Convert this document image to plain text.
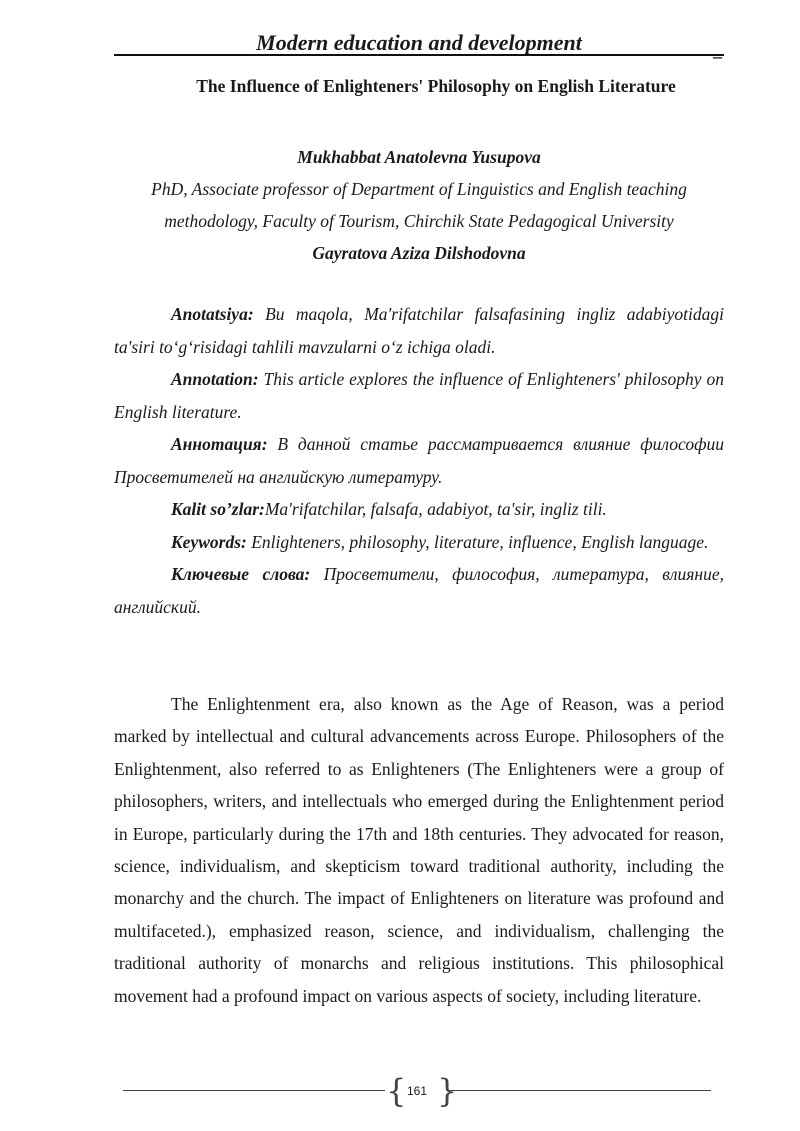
Modern education and development	_
The Influence of Enlighteners' Philosophy on English Literature

Mukhabbat Anatolevna Yusupova

PhD, Associate professor of Department of Linguistics and English teaching methodology, Faculty of Tourism, Chirchik State Pedagogical University

Gayratova Aziza Dilshodovna

Anotatsiya: Bu maqola, Ma'rifatchilar falsafasining ingliz adabiyotidagi ta'siri to‘g‘risidagi tahlili mavzularni o‘z ichiga oladi.

Annotation: This article explores the influence of Enlighteners' philosophy on English literature.

Аннотация: В данной статье рассматривается влияние философии Просветителей на английскую литературу.

Kalit so’zlar:Ma'rifatchilar, falsafa, adabiyot, ta'sir, ingliz tili.

Keywords: Enlighteners, philosophy, literature, influence, English language.

Ключевые слова: Просветители, философия, литература, влияние, английский.

The Enlightenment era, also known as the Age of Reason, was a period marked by intellectual and cultural advancements across Europe. Philosophers of the Enlightenment, also referred to as Enlighteners (The Enlighteners were a group of philosophers, writers, and intellectuals who emerged during the Enlightenment period in Europe, particularly during the 17th and 18th centuries. They advocated for reason, science, individualism, and skepticism toward traditional authority, including the monarchy and the church. The impact of Enlighteners on literature was profound and multifaceted.), emphasized reason, science, and individualism, challenging the traditional authority of monarchs and religious institutions. This philosophical movement had a profound impact on various aspects of society, including literature.

{ 161 }
